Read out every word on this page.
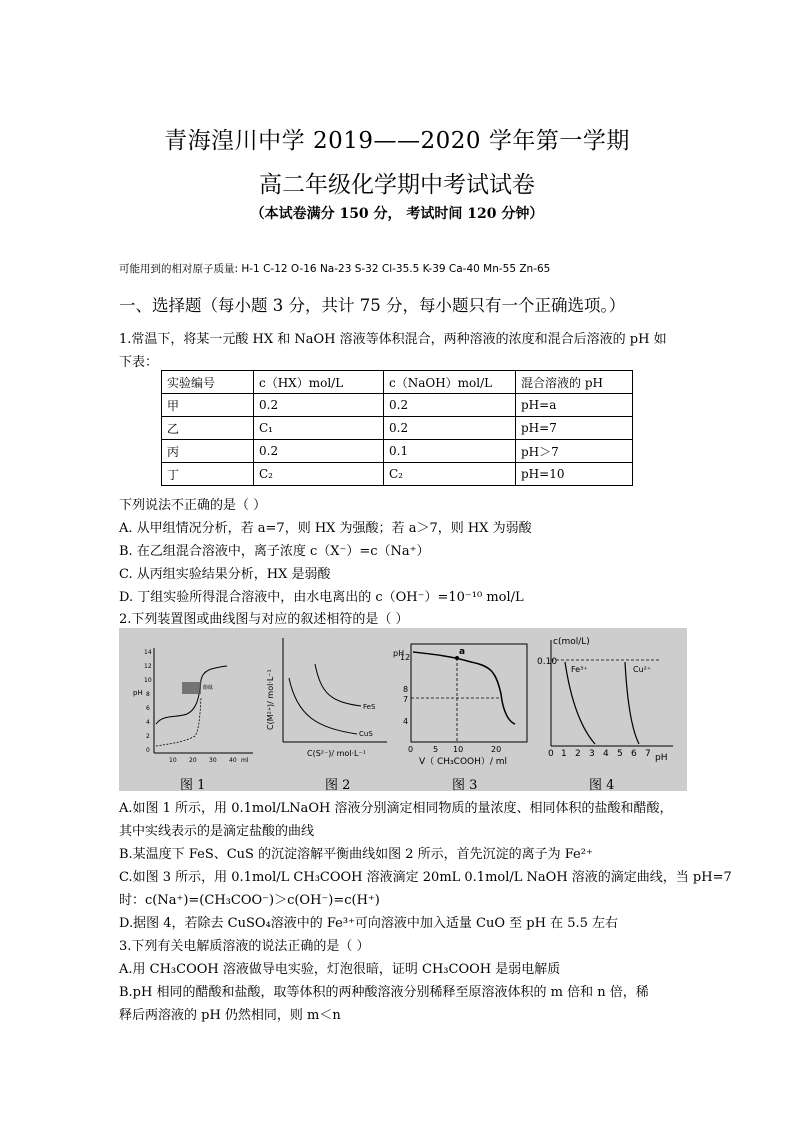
青海湟川中学 2019——2020 学年第一学期
高二年级化学期中考试试卷
（本试卷满分 150 分， 考试时间 120 分钟）
可能用到的相对原子质量: H-1 C-12 O-16 Na-23 S-32 Cl-35.5 K-39 Ca-40 Mn-55 Zn-65
一、选择题（每小题 3 分，共计 75 分，每小题只有一个正确选项。）
1.常温下，将某一元酸 HX 和 NaOH 溶液等体积混合，两种溶液的浓度和混合后溶液的 pH 如
下表：
实验编号	c（HX）mol/L	c（NaOH）mol/L	混合溶液的 pH
甲	0.2	0.2	pH=a
乙	C₁	0.2	pH=7
丙	0.2	0.1	pH＞7
丁	C₂	C₂	pH=10
下列说法不正确的是（ ）
A. 从甲组情况分析，若 a=7，则 HX 为强酸；若 a＞7，则 HX 为弱酸
B. 在乙组混合溶液中，离子浓度 c（X⁻）=c（Na⁺）
C. 从丙组实验结果分析，HX 是弱酸
D. 丁组实验所得混合溶液中，由水电离出的 c（OH⁻）=10⁻¹⁰ mol/L
2.下列装置图或曲线图与对应的叙述相符的是（ ）
14
12
10
8
6
4
2
0
pH
10 20 30 40 ml
酚酞	C(M²⁺)/ mol·L⁻¹
C(S²⁻)/ mol·L⁻¹
FeS
CuS
pH
12
8
7
4
0 5 10	20
a
V（ CH₃COOH）/ ml
c(mol/L)
0.10
0 1 2 3 4 5 6 7 pH
Fe³⁺	Cu²⁺
图 1	图 2	图 3	图 4
A.如图 1 所示，用 0.1mol/LNaOH 溶液分别滴定相同物质的量浓度、相同体积的盐酸和醋酸，
其中实线表示的是滴定盐酸的曲线
B.某温度下 FeS、CuS 的沉淀溶解平衡曲线如图 2 所示，首先沉淀的离子为 Fe²⁺
C.如图 3 所示，用 0.1mol/L CH₃COOH 溶液滴定 20mL 0.1mol/L NaOH 溶液的滴定曲线，当 pH=7
时：c(Na⁺)=(CH₃COO⁻)＞c(OH⁻)=c(H⁺)
D.据图 4，若除去 CuSO₄溶液中的 Fe³⁺可向溶液中加入适量 CuO 至 pH 在 5.5 左右
3.下列有关电解质溶液的说法正确的是（ ）
A.用 CH₃COOH 溶液做导电实验，灯泡很暗，证明 CH₃COOH 是弱电解质
B.pH 相同的醋酸和盐酸，取等体积的两种酸溶液分别稀释至原溶液体积的 m 倍和 n 倍，稀
释后两溶液的 pH 仍然相同，则 m＜n
